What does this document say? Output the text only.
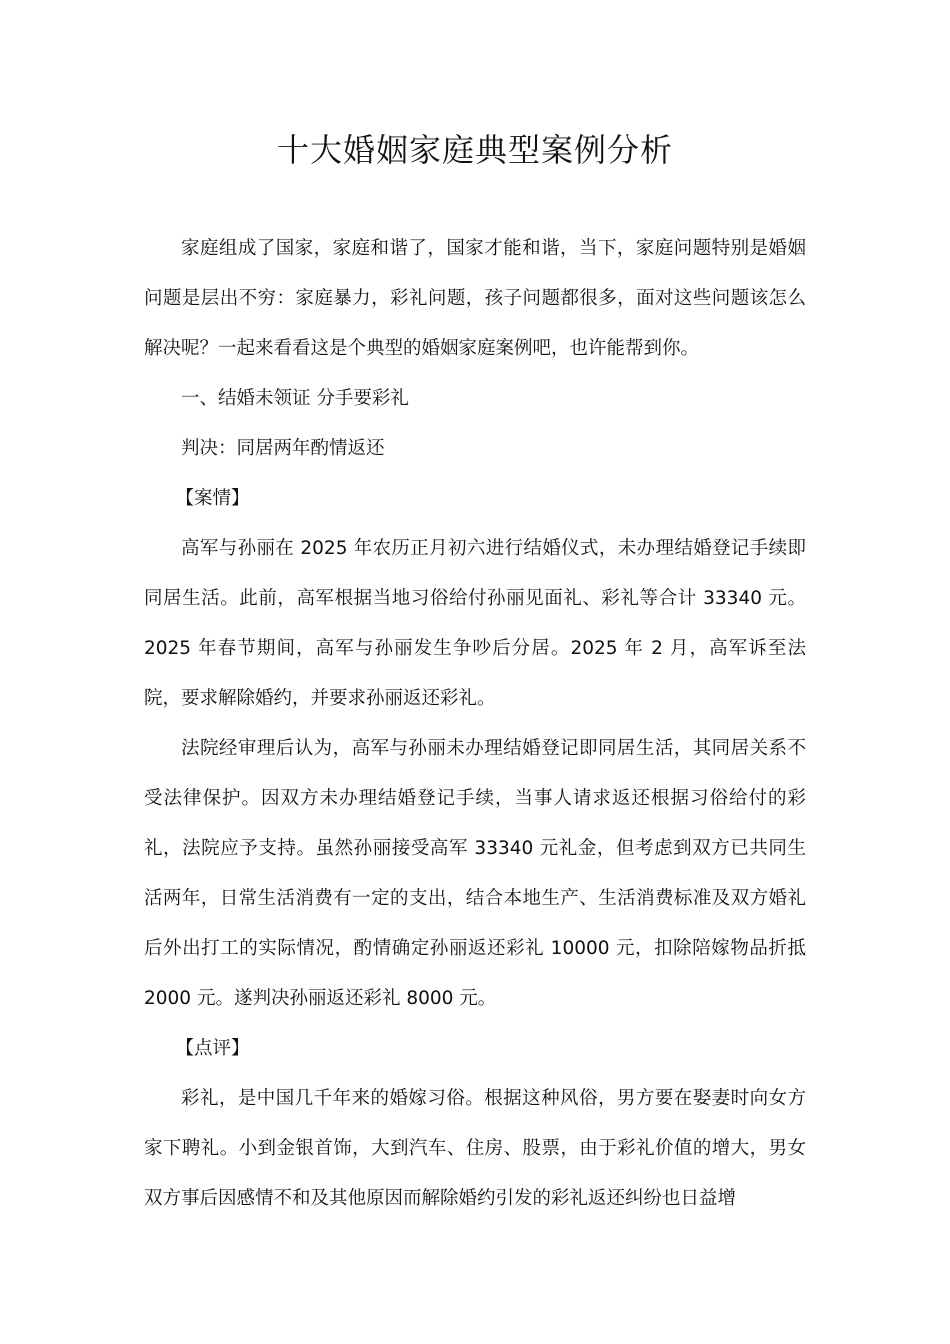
十大婚姻家庭典型案例分析

家庭组成了国家，家庭和谐了，国家才能和谐，当下，家庭问题特别是婚姻问题是层出不穷：家庭暴力，彩礼问题，孩子问题都很多，面对这些问题该怎么解决呢？一起来看看这是个典型的婚姻家庭案例吧，也许能帮到你。

一、结婚未领证 分手要彩礼

判决：同居两年酌情返还

【案情】

高军与孙丽在 2025 年农历正月初六进行结婚仪式，未办理结婚登记手续即同居生活。此前，高军根据当地习俗给付孙丽见面礼、彩礼等合计 33340 元。2025 年春节期间，高军与孙丽发生争吵后分居。2025 年 2 月，高军诉至法院，要求解除婚约，并要求孙丽返还彩礼。

法院经审理后认为，高军与孙丽未办理结婚登记即同居生活，其同居关系不受法律保护。因双方未办理结婚登记手续，当事人请求返还根据习俗给付的彩礼，法院应予支持。虽然孙丽接受高军 33340 元礼金，但考虑到双方已共同生活两年，日常生活消费有一定的支出，结合本地生产、生活消费标准及双方婚礼后外出打工的实际情况，酌情确定孙丽返还彩礼 10000 元，扣除陪嫁物品折抵 2000 元。遂判决孙丽返还彩礼 8000 元。

【点评】

彩礼，是中国几千年来的婚嫁习俗。根据这种风俗，男方要在娶妻时向女方家下聘礼。小到金银首饰，大到汽车、住房、股票，由于彩礼价值的增大，男女双方事后因感情不和及其他原因而解除婚约引发的彩礼返还纠纷也日益增
